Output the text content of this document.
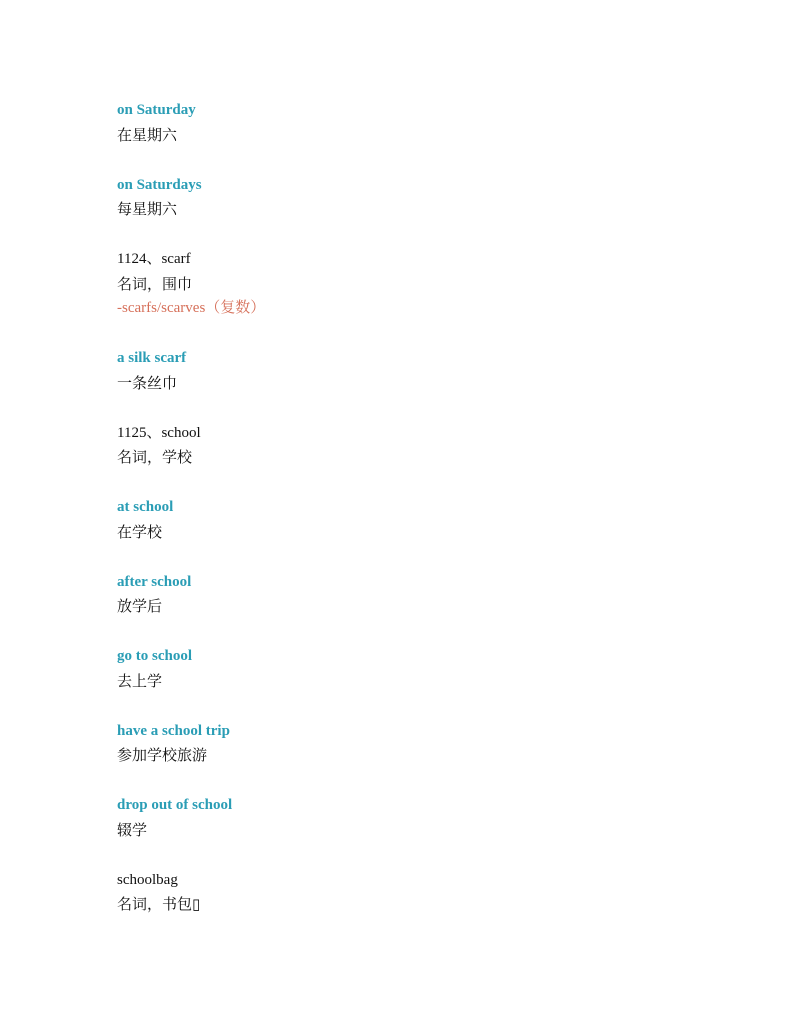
on Saturday
在星期六
on Saturdays
每星期六
1124、scarf
名词，围巾
-scarfs/scarves（复数）
a silk scarf
一条丝巾
1125、school
名词，学校
at school
在学校
after school
放学后
go to school
去上学
have a school trip
参加学校旅游
drop out of school
辍学
schoolbag
名词，书包▯
